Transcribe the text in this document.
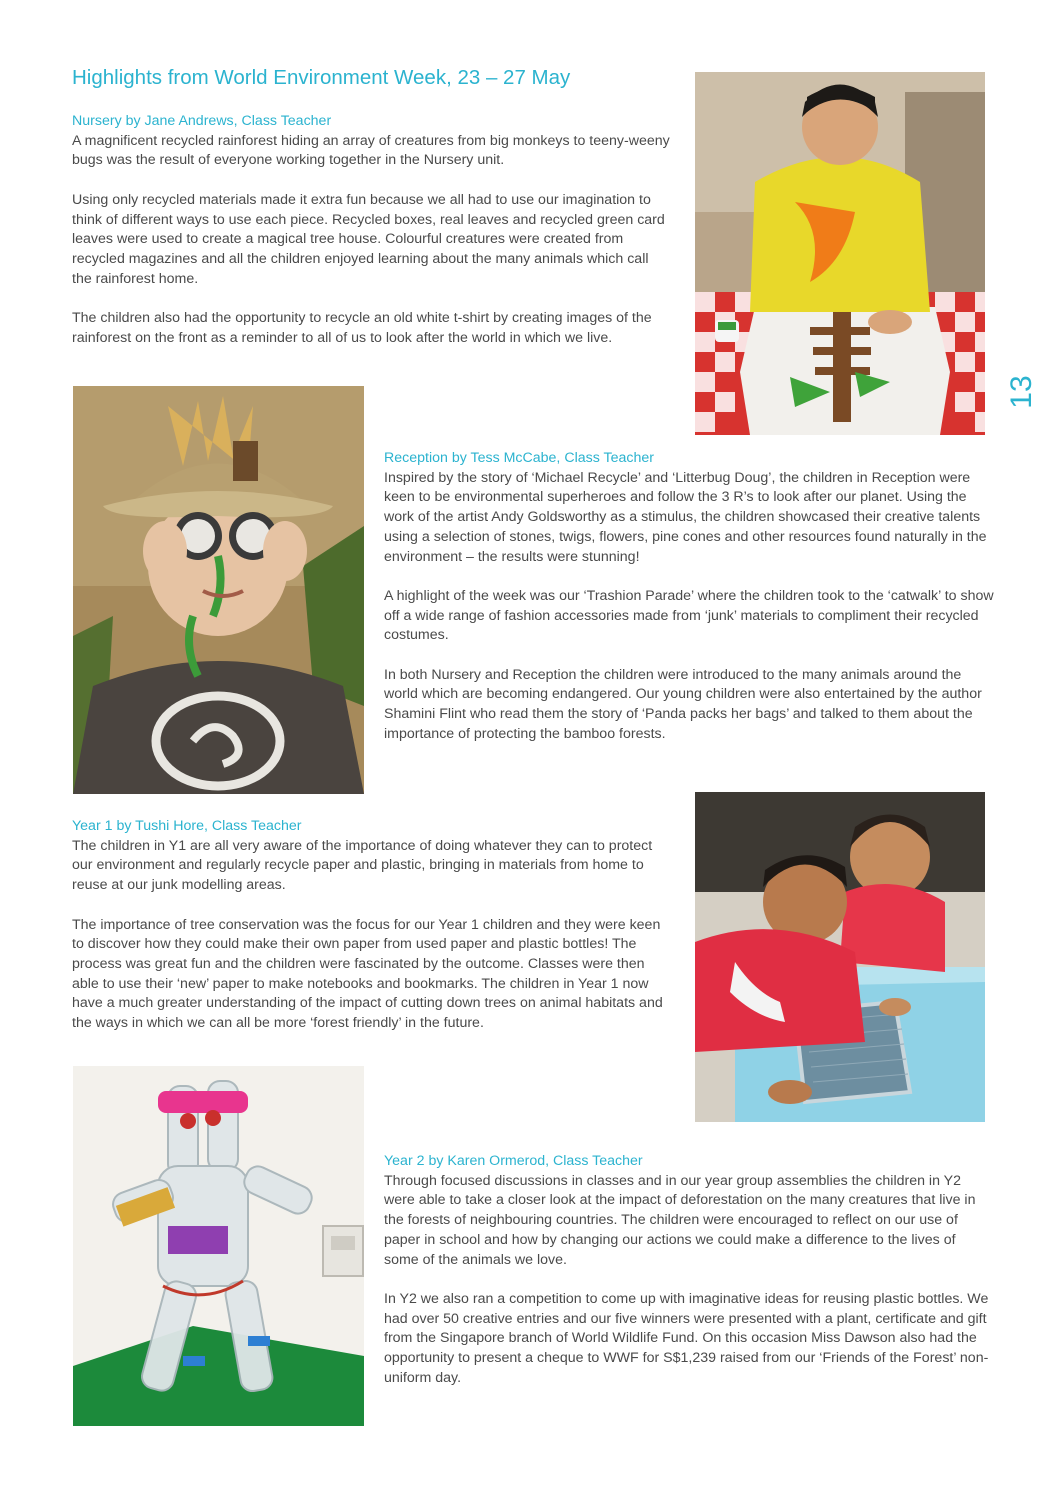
Highlights from World Environment Week, 23 – 27 May
13
Nursery by Jane Andrews, Class Teacher

A magnificent recycled rainforest hiding an array of creatures from big monkeys to teeny-weeny bugs was the result of everyone working together in the Nursery unit.

Using only recycled materials made it extra fun because we all had to use our imagination to think of different ways to use each piece. Recycled boxes, real leaves and recycled green card leaves were used to create a magical tree house. Colourful creatures were created from recycled magazines and all the children enjoyed learning about the many animals which call the rainforest home.

The children also had the opportunity to recycle an old white t-shirt by creating images of the rainforest on the front as a reminder to all of us to look after the world in which we live.

Reception by Tess McCabe, Class Teacher

Inspired by the story of ‘Michael Recycle’ and ‘Litterbug Doug’, the children in Reception were keen to be environmental superheroes and follow the 3 R’s to look after our planet. Using the work of the artist Andy Goldsworthy as a stimulus, the children showcased their creative talents using a selection of stones, twigs, flowers, pine cones and other resources found naturally in the environment – the results were stunning!

A highlight of the week was our ‘Trashion Parade’ where the children took to the ‘catwalk’ to show off a wide range of fashion accessories made from ‘junk’ materials to compliment their recycled costumes.

In both Nursery and Reception the children were introduced to the many animals around the world which are becoming endangered. Our young children were also entertained by the author Shamini Flint who read them the story of ‘Panda packs her bags’ and talked to them about the importance of protecting the bamboo forests.

Year 1 by Tushi Hore, Class Teacher

The children in Y1 are all very aware of the importance of doing whatever they can to protect our environment and regularly recycle paper and plastic, bringing in materials from home to reuse at our junk modelling areas.

The importance of tree conservation was the focus for our Year 1 children and they were keen to discover how they could make their own paper from used paper and plastic bottles! The process was great fun and the children were fascinated by the outcome. Classes were then able to use their ‘new’ paper to make notebooks and bookmarks. The children in Year 1 now have a much greater understanding of the impact of cutting down trees on animal habitats and the ways in which we can all be more ‘forest friendly’ in the future.

Year 2 by Karen Ormerod, Class Teacher

Through focused discussions in classes and in our year group assemblies the children in Y2 were able to take a closer look at the impact of deforestation on the many creatures that live in the forests of neighbouring countries. The children were encouraged to reflect on our use of paper in school and how by changing our actions we could make a difference to the lives of some of the animals we love.

In Y2 we also ran a competition to come up with imaginative ideas for reusing plastic bottles. We had over 50 creative entries and our five winners were presented with a plant, certificate and gift from the Singapore branch of World Wildlife Fund. On this occasion Miss Dawson also had the opportunity to present a cheque to WWF for S$1,239 raised from our ‘Friends of the Forest’ non-uniform day.
